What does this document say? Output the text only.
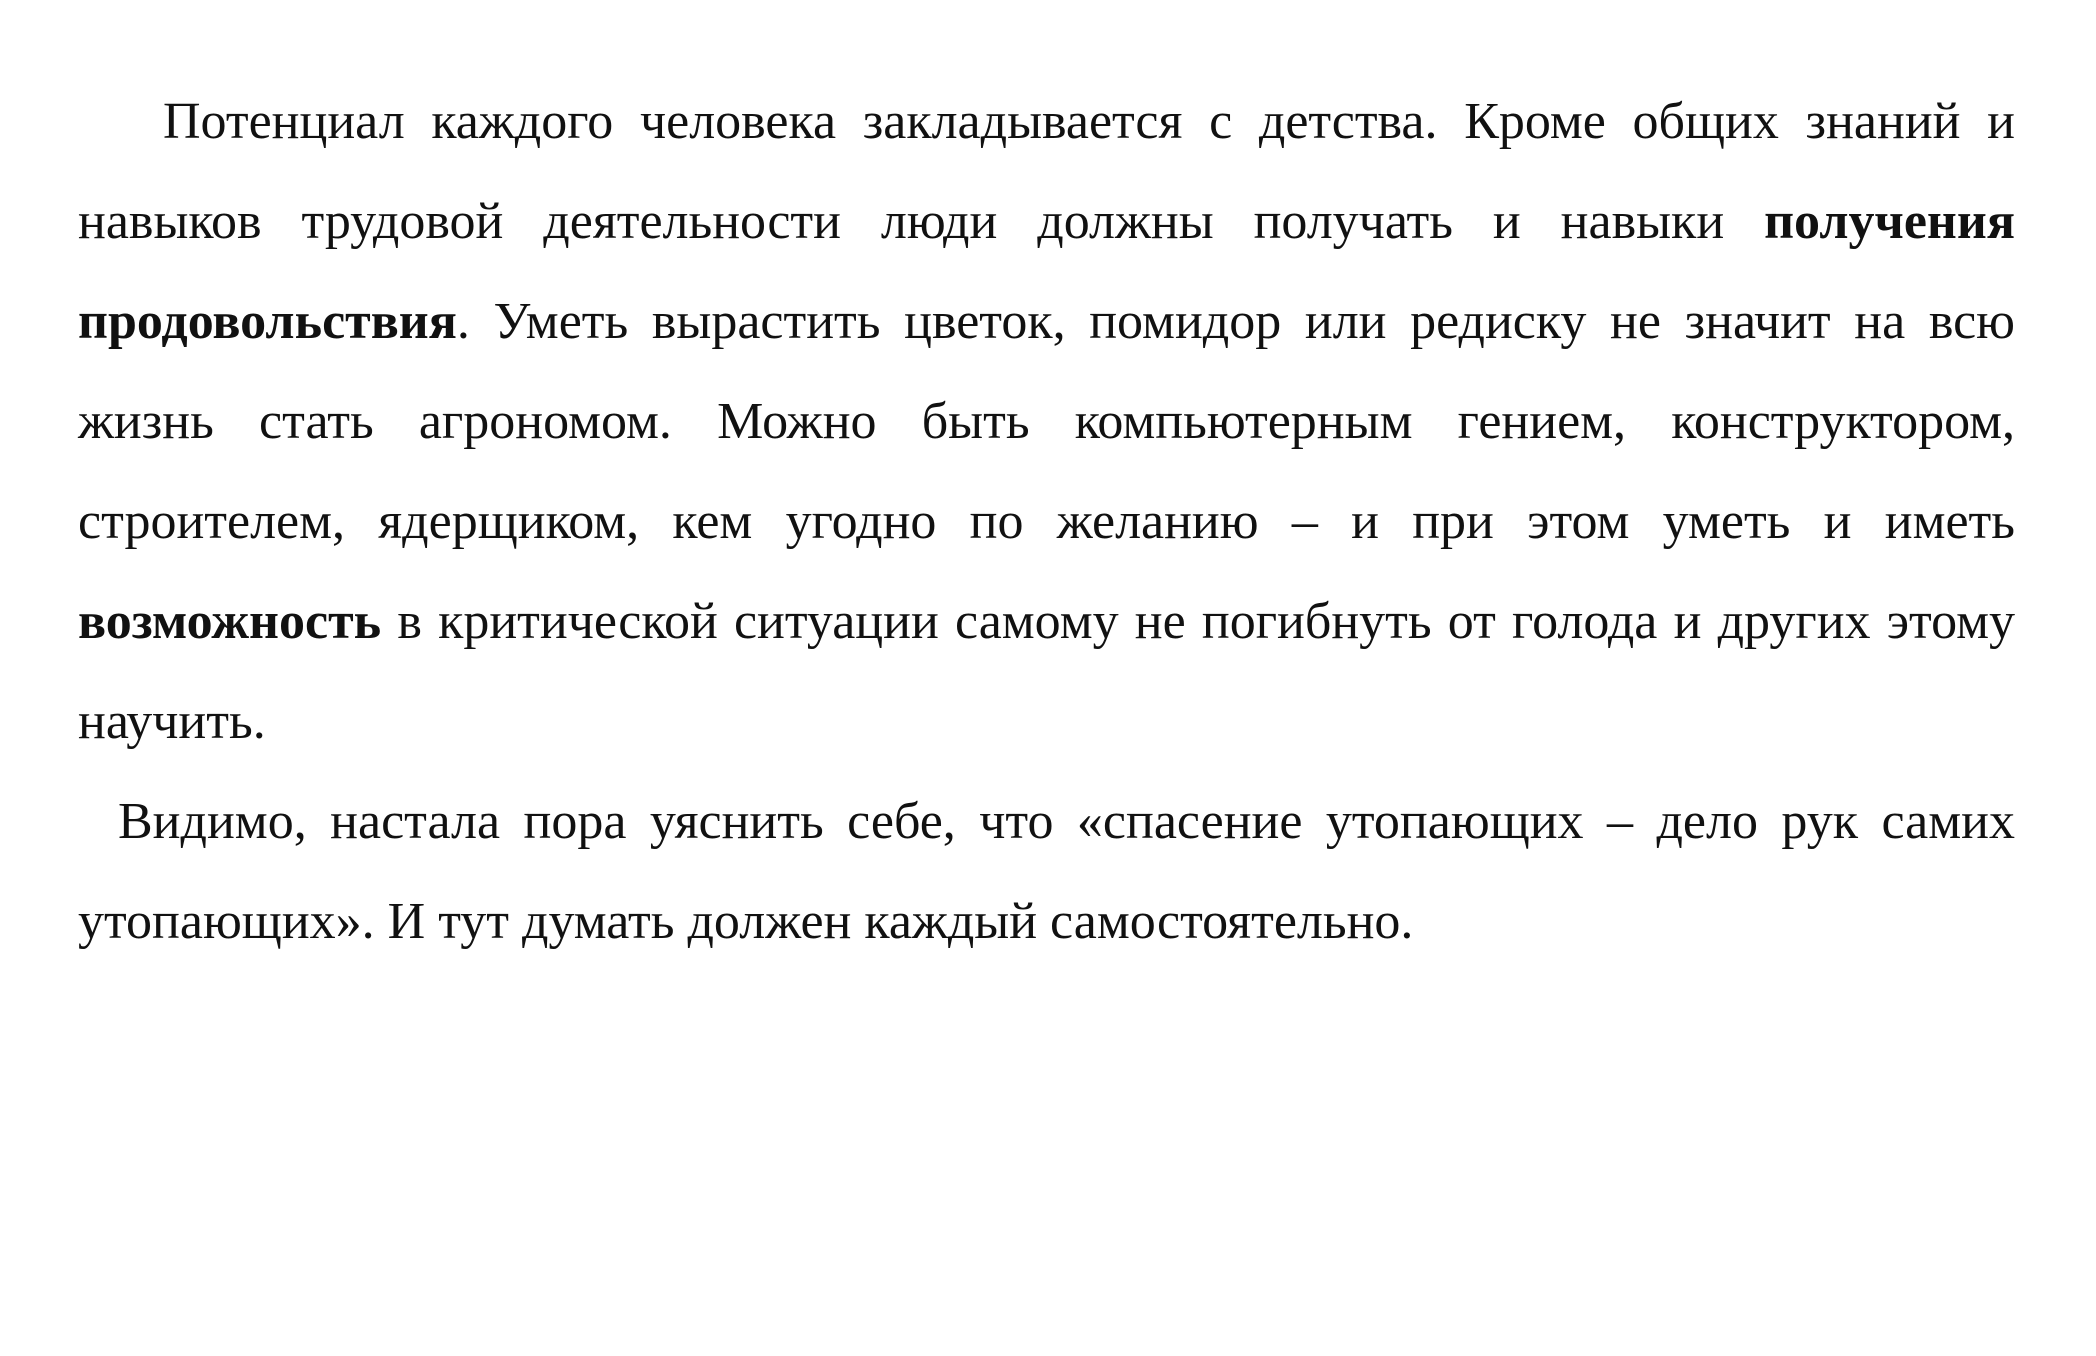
Потенциал каждого человека закладывается с детства. Кроме общих знаний и навыков трудовой деятельности люди должны получать и навыки получения продовольствия. Уметь вырастить цветок, помидор или редиску не значит на всю жизнь стать агрономом. Можно быть компьютерным гением, конструктором, строителем, ядерщиком, кем угодно по желанию – и при этом уметь и иметь возможность в критической ситуации самому не погибнуть от голода и других этому научить.

Видимо, настала пора уяснить себе, что «спасение утопающих – дело рук самих утопающих». И тут думать должен каждый самостоятельно.
